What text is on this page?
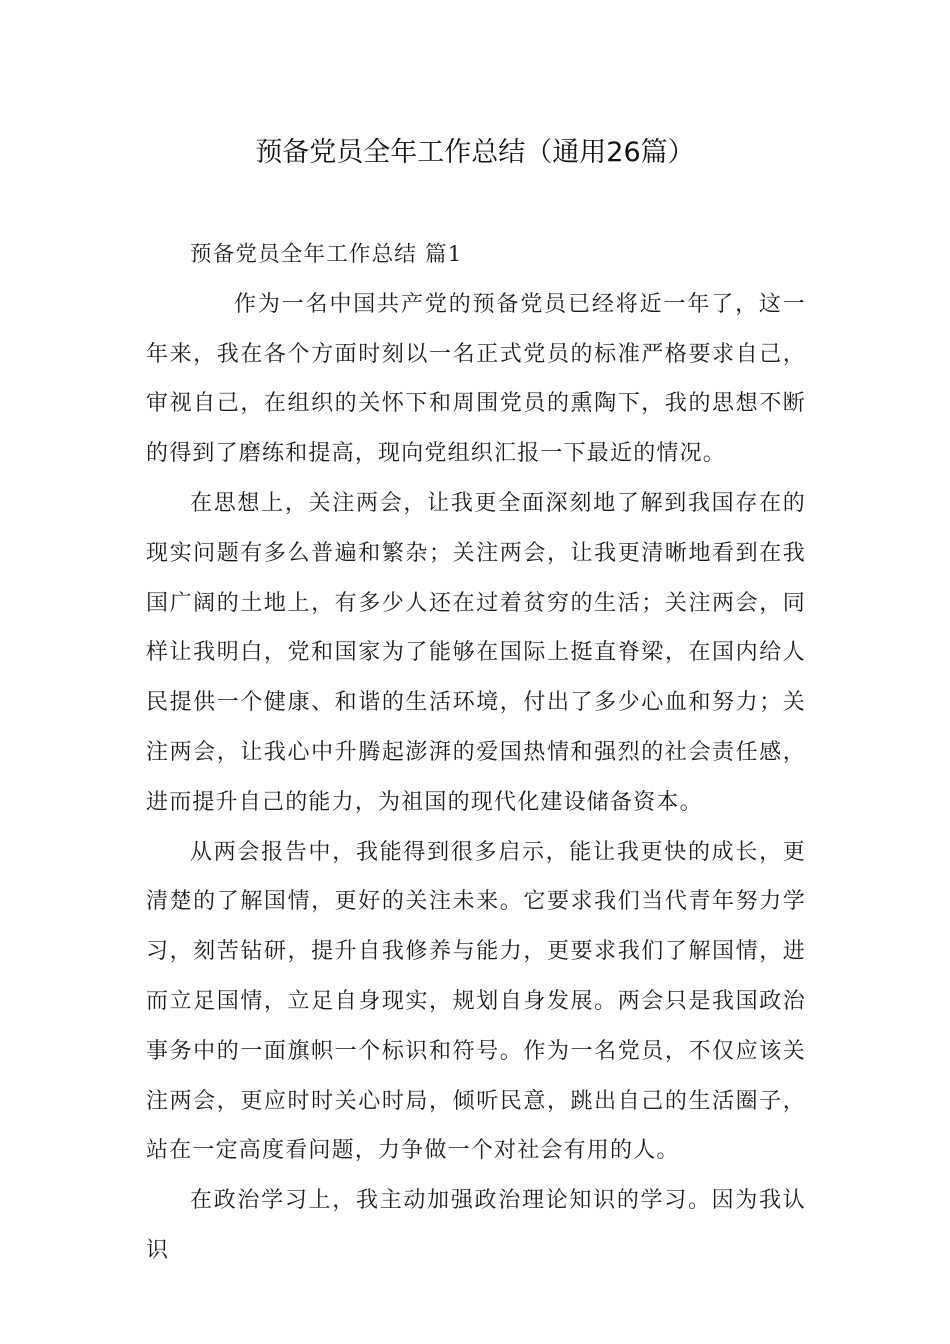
预备党员全年工作总结（通用26篇）
预备党员全年工作总结 篇1

作为一名中国共产党的预备党员已经将近一年了，这一年来，我在各个方面时刻以一名正式党员的标准严格要求自己，审视自己，在组织的关怀下和周围党员的熏陶下，我的思想不断的得到了磨练和提高，现向党组织汇报一下最近的情况。

在思想上，关注两会，让我更全面深刻地了解到我国存在的现实问题有多么普遍和繁杂；关注两会，让我更清晰地看到在我国广阔的土地上，有多少人还在过着贫穷的生活；关注两会，同样让我明白，党和国家为了能够在国际上挺直脊梁，在国内给人民提供一个健康、和谐的生活环境，付出了多少心血和努力；关注两会，让我心中升腾起澎湃的爱国热情和强烈的社会责任感，进而提升自己的能力，为祖国的现代化建设储备资本。

从两会报告中，我能得到很多启示，能让我更快的成长，更清楚的了解国情，更好的关注未来。它要求我们当代青年努力学习，刻苦钻研，提升自我修养与能力，更要求我们了解国情，进而立足国情，立足自身现实，规划自身发展。两会只是我国政治事务中的一面旗帜一个标识和符号。作为一名党员，不仅应该关注两会，更应时时关心时局，倾听民意，跳出自己的生活圈子，站在一定高度看问题，力争做一个对社会有用的人。

在政治学习上，我主动加强政治理论知识的学习。因为我认识
